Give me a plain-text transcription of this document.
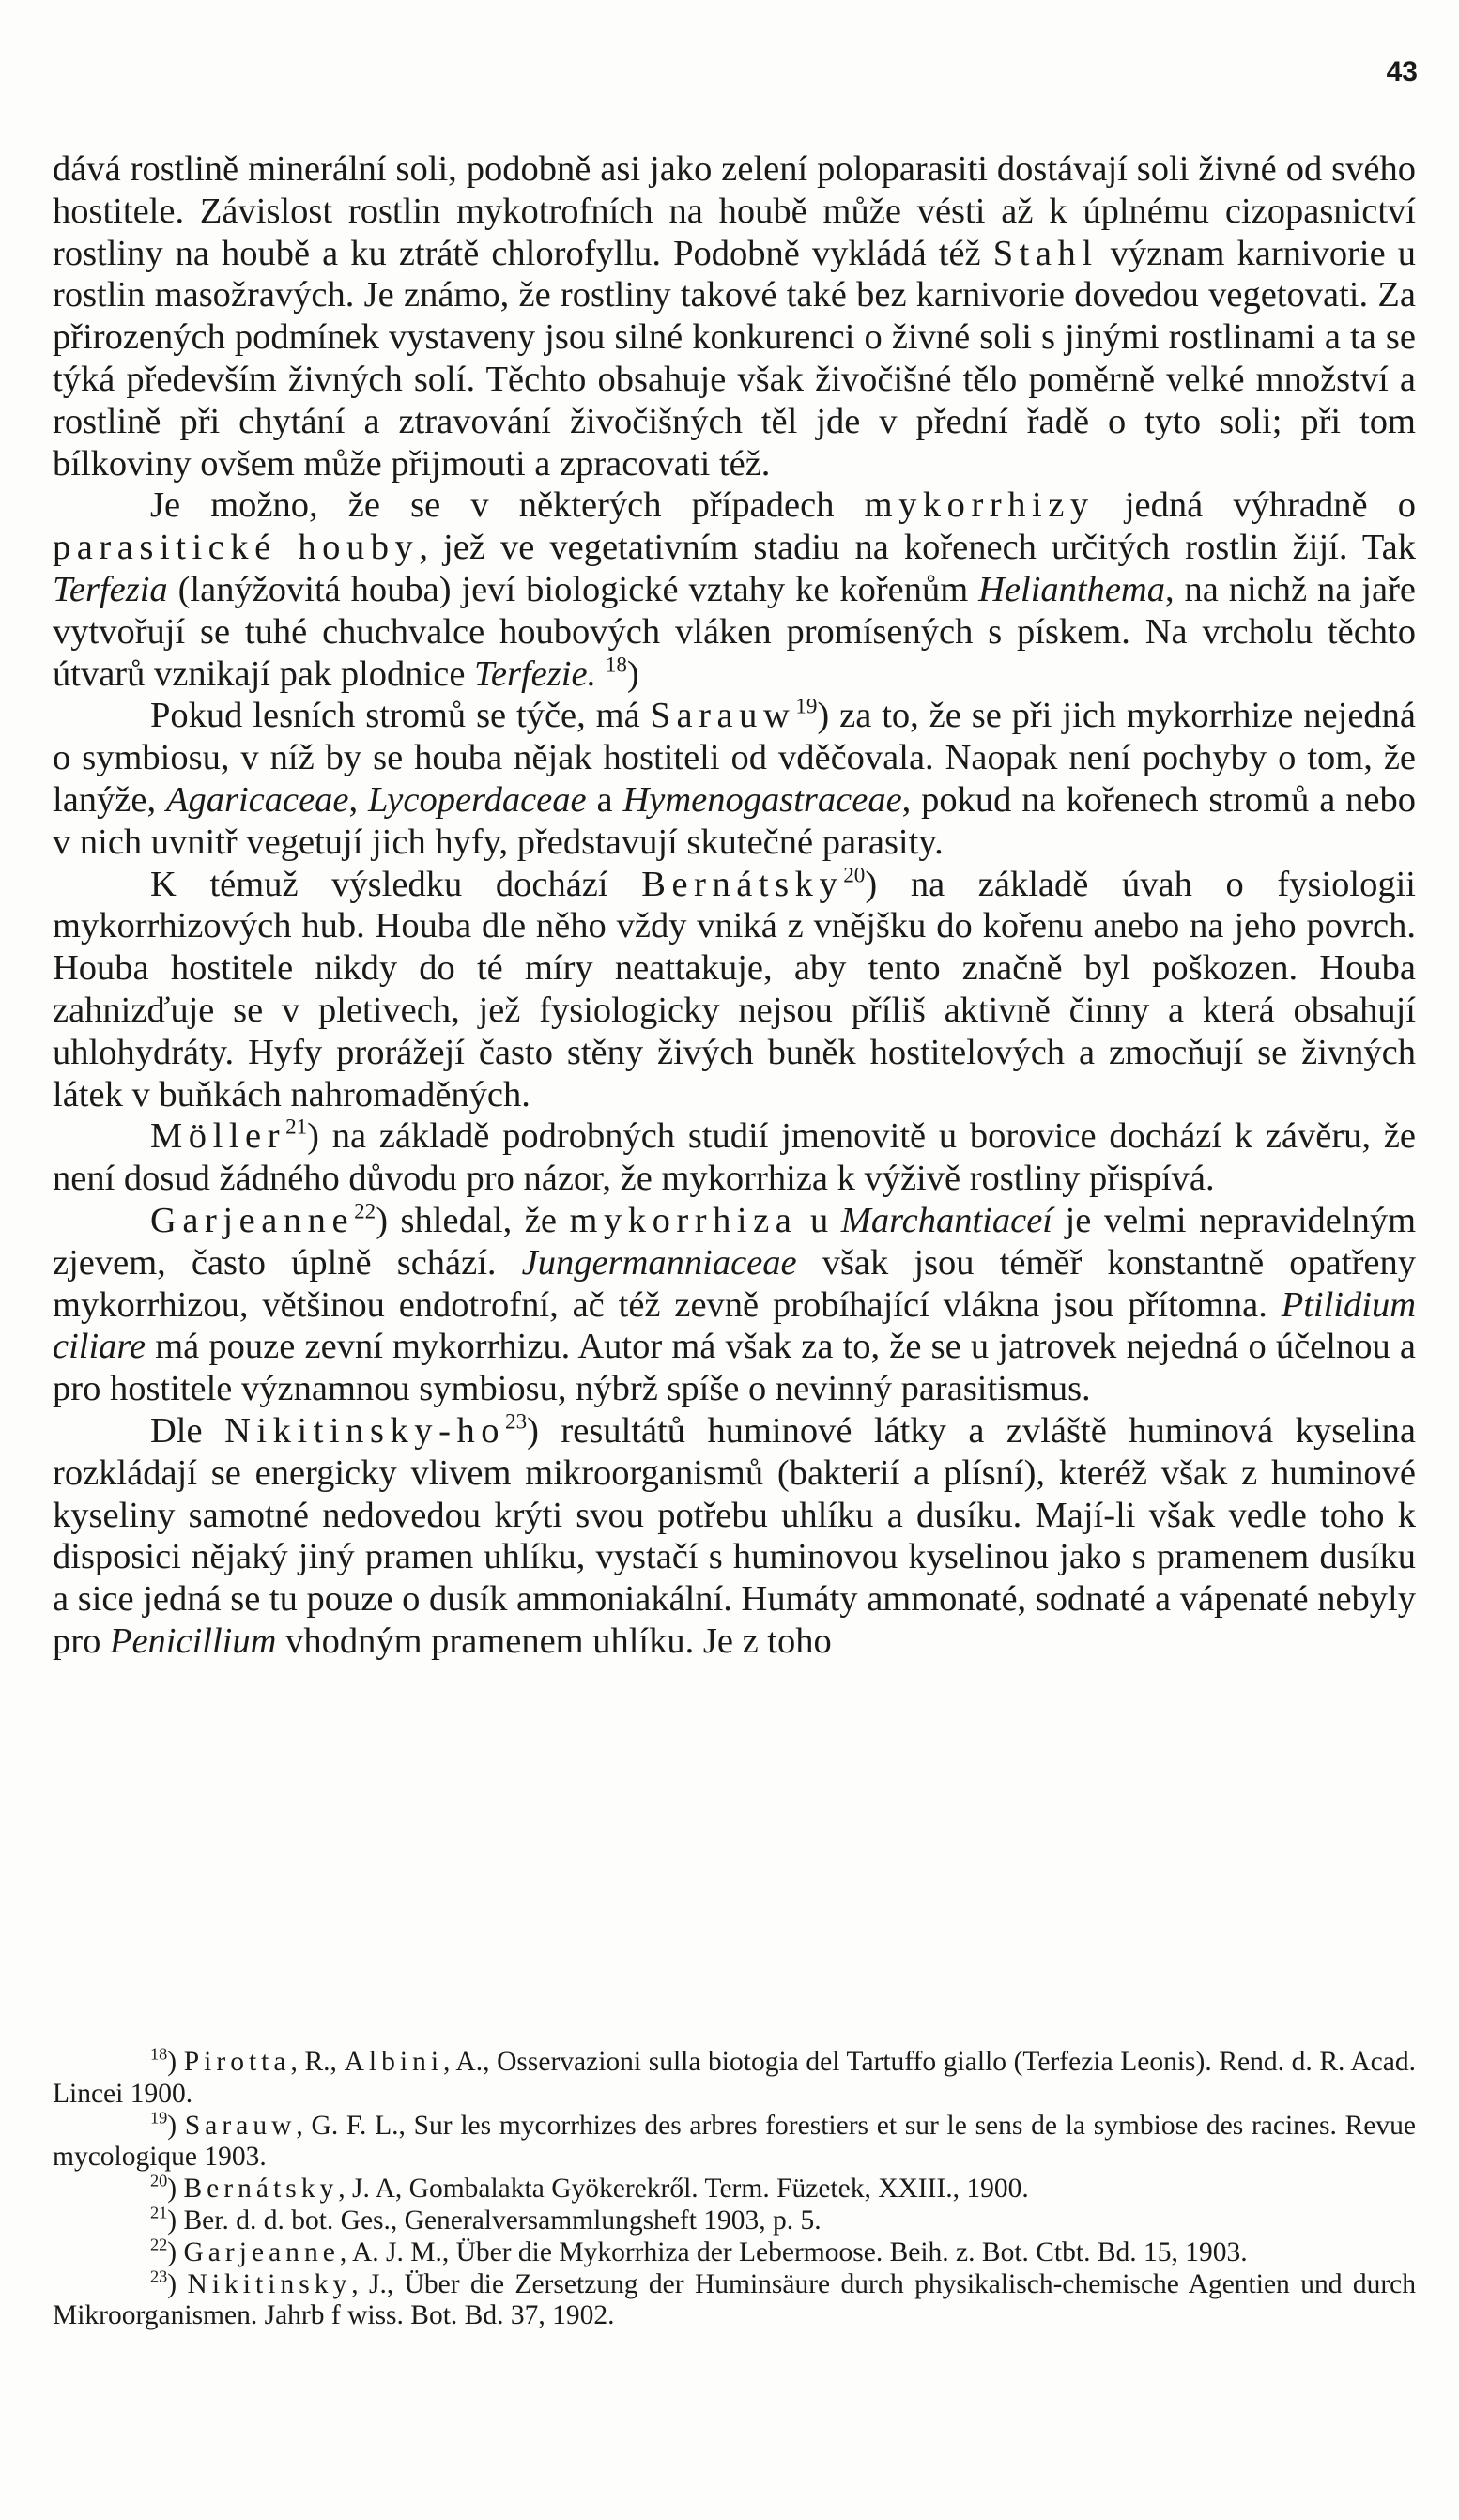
43

dává rostlině minerální soli, podobně asi jako zelení poloparasiti dostávají soli živné od svého hostitele. Závislost rostlin mykotrofních na houbě může vésti až k úplnému cizopasnictví rostliny na houbě a ku ztrátě chlorofyllu. Podobně vykládá též Stahl význam karnivorie u rostlin masožravých. Je známo, že rostliny takové také bez karnivorie dovedou vegetovati. Za přirozených podmínek vystaveny jsou silné konkurenci o živné soli s jinými rostlinami a ta se týká především živných solí. Těchto obsahuje však živočišné tělo poměrně velké množství a rostlině při chytání a ztravování živočišných těl jde v přední řadě o tyto soli; při tom bílkoviny ovšem může přijmouti a zpracovati též.

Je možno, že se v některých případech mykorrhizy jedná výhradně o parasitické houby, jež ve vegetativním stadiu na kořenech určitých rostlin žijí. Tak Terfezia (lanýžovitá houba) jeví biologické vztahy ke kořenům Helianthema, na nichž na jaře vytvořují se tuhé chuchvalce houbových vláken promísených s pískem. Na vrcholu těchto útvarů vznikají pak plodnice Terfezie. $^{18}$)

Pokud lesních stromů se týče, má Sarauw$^{19}$) za to, že se při jich mykorrhize nejedná o symbiosu, v níž by se houba nějak hostiteli od vděčovala. Naopak není pochyby o tom, že lanýže, Agaricaceae, Lycoperdaceae a Hymenogastraceae, pokud na kořenech stromů a nebo v nich uvnitř vegetují jich hyfy, představují skutečné parasity.

K témuž výsledku dochází Bernátsky$^{20}$) na základě úvah o fysiologii mykorrhizových hub. Houba dle něho vždy vniká z vnějšku do kořenu anebo na jeho povrch. Houba hostitele nikdy do té míry neattakuje, aby tento značně byl poškozen. Houba zahnizďuje se v pletivech, jež fysiologicky nejsou příliš aktivně činny a která obsahují uhlohydráty. Hyfy prorážejí často stěny živých buněk hostitelových a zmocňují se živných látek v buňkách nahromaděných.

Möller$^{21}$) na základě podrobných studií jmenovitě u borovice dochází k závěru, že není dosud žádného důvodu pro názor, že mykorrhiza k výživě rostliny přispívá.

Garjeanne$^{22}$) shledal, že mykorrhiza u Marchantiaceí je velmi nepravidelným zjevem, často úplně schází. Jungermanniaceae však jsou téměř konstantně opatřeny mykorrhizou, většinou endotrofní, ač též zevně probíhající vlákna jsou přítomna. Ptilidium ciliare má pouze zevní mykorrhizu. Autor má však za to, že se u jatrovek nejedná o účelnou a pro hostitele významnou symbiosu, nýbrž spíše o nevinný parasitismus.

Dle Nikitinsky-$ho^{23}$) resultátů huminové látky a zvláště huminová kyselina rozkládají se energicky vlivem mikroorganismů (bakterií a plísní), kteréž však z huminové kyseliny samotné nedovedou krýti svou potřebu uhlíku a dusíku. Mají-li však vedle toho k disposici nějaký jiný pramen uhlíku, vystačí s huminovou kyselinou jako s pramenem dusíku a sice jedná se tu pouze o dusík ammoniakální. Humáty ammonaté, sodnaté a vápenaté nebyly pro Penicillium vhodným pramenem uhlíku. Je z toho

$^{18}$) Pirotta, R., Albini, A., Osservazioni sulla biotogia del Tartuffo giallo (Terfezia Leonis). Rend. d. R. Acad. Lincei 1900.

$^{19}$) Sarauw, G. F. L., Sur les mycorrhizes des arbres forestiers et sur le sens de la symbiose des racines. Revue mycologique 1903.

$^{20}$) Bernátsky, J. A, Gombalakta Gyökerekről. Term. Füzetek, XXIII., 1900.

$^{21}$) Ber. d. d. bot. Ges., Generalversammlungsheft 1903, p. 5.

$^{22}$) Garjeanne, A. J. M., Über die Mykorrhiza der Lebermoose. Beih. z. Bot. Ctbt. Bd. 15, 1903.

$^{23}$) Nikitinsky, J., Über die Zersetzung der Huminsäure durch physikalisch-chemische Agentien und durch Mikroorganismen. Jahrb f wiss. Bot. Bd. 37, 1902.
